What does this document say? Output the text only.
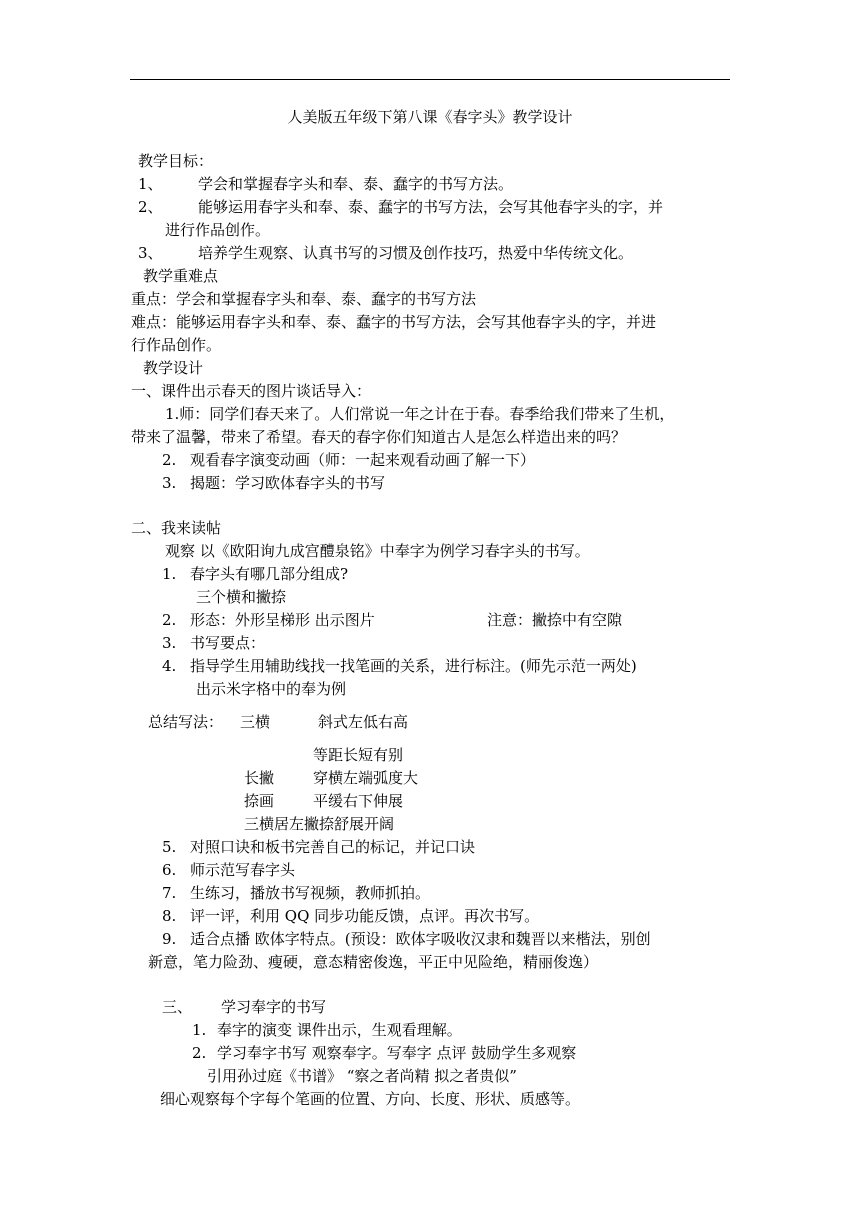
人美版五年级下第八课《春字头》教学设计
教学目标：
1、 学会和掌握春字头和奉、泰、蠢字的书写方法。
2、 能够运用春字头和奉、泰、蠢字的书写方法，会写其他春字头的字，并
进行作品创作。
3、 培养学生观察、认真书写的习惯及创作技巧，热爱中华传统文化。
教学重难点
重点：学会和掌握春字头和奉、泰、蠢字的书写方法
难点：能够运用春字头和奉、泰、蠢字的书写方法，会写其他春字头的字，并进
行作品创作。
教学设计
一、课件出示春天的图片谈话导入：
1.师：同学们春天来了。人们常说一年之计在于春。春季给我们带来了生机，
带来了温馨，带来了希望。春天的春字你们知道古人是怎么样造出来的吗？
2. 观看春字演变动画（师：一起来观看动画了解一下）
3. 揭题：学习欧体春字头的书写
二、我来读帖
观察 以《欧阳询九成宫醴泉铭》中奉字为例学习春字头的书写。
1. 春字头有哪几部分组成?
三个横和撇捺
2. 形态：外形呈梯形 出示图片	注意：撇捺中有空隙
3. 书写要点：
4. 指导学生用辅助线找一找笔画的关系，进行标注。(师先示范一两处)
出示米字格中的奉为例
总结写法： 三横	斜式左低右高
等距长短有别
长撇	穿横左端弧度大
捺画	平缓右下伸展
三横居左撇捺舒展开阔
5. 对照口诀和板书完善自己的标记，并记口诀
6. 师示范写春字头
7. 生练习，播放书写视频，教师抓拍。
8. 评一评，利用 QQ 同步功能反馈，点评。再次书写。
9. 适合点播 欧体字特点。(预设：欧体字吸收汉隶和魏晋以来楷法，别创
新意，笔力险劲、瘦硬，意态精密俊逸，平正中见险绝，精丽俊逸）
三、 学习奉字的书写
1. 奉字的演变 课件出示，生观看理解。
2. 学习奉字书写 观察奉字。写奉字 点评 鼓励学生多观察
引用孙过庭《书谱》 “察之者尚精 拟之者贵似”
细心观察每个字每个笔画的位置、方向、长度、形状、质感等。
